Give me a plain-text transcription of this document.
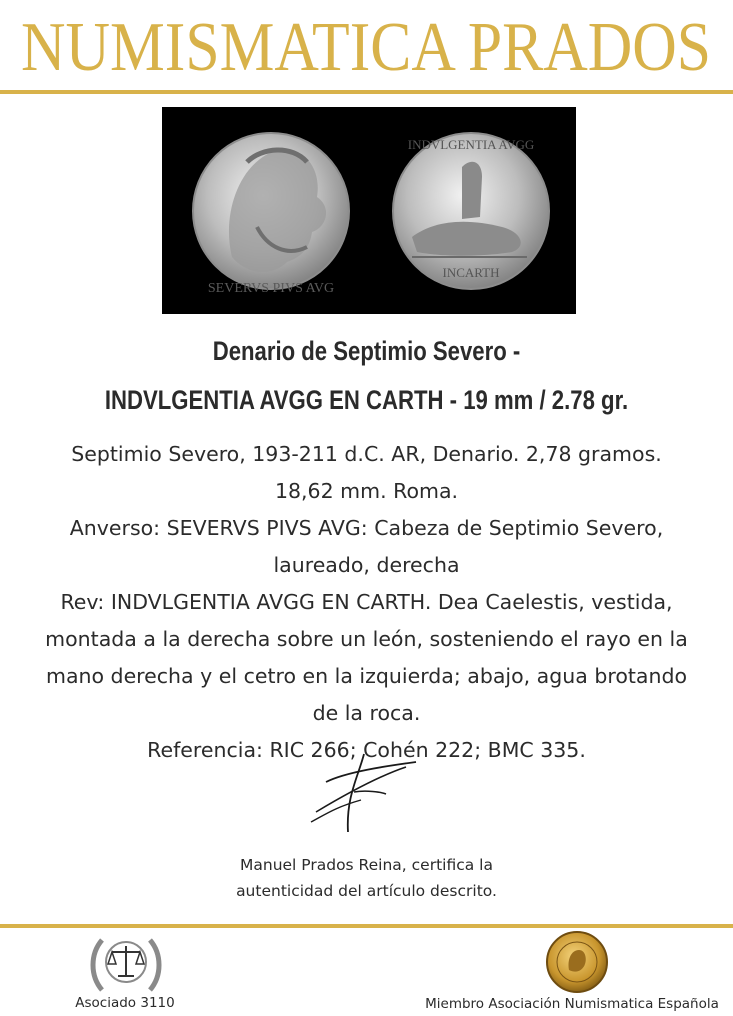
NUMISMATICA PRADOS
SEVERVS PIVS AVG
INDVLGENTIA AVGG
INCARTH
Denario de Septimio Severo -
INDVLGENTIA AVGG EN CARTH - 19 mm / 2.78 gr.

Septimio Severo, 193-211 d.C. AR, Denario. 2,78 gramos. 18,62 mm. Roma.

Anverso: SEVERVS PIVS AVG: Cabeza de Septimio Severo, laureado, derecha

Rev: INDVLGENTIA AVGG EN CARTH. Dea Caelestis, vestida, montada a la derecha sobre un león, sosteniendo el rayo en la mano derecha y el cetro en la izquierda; abajo, agua brotando de la roca.

Referencia: RIC 266; Cohén 222; BMC 335.

Manuel Prados Reina, certifica la

autenticidad del artículo descrito.

Asociado 3110	Miembro Asociación Numismatica Española
